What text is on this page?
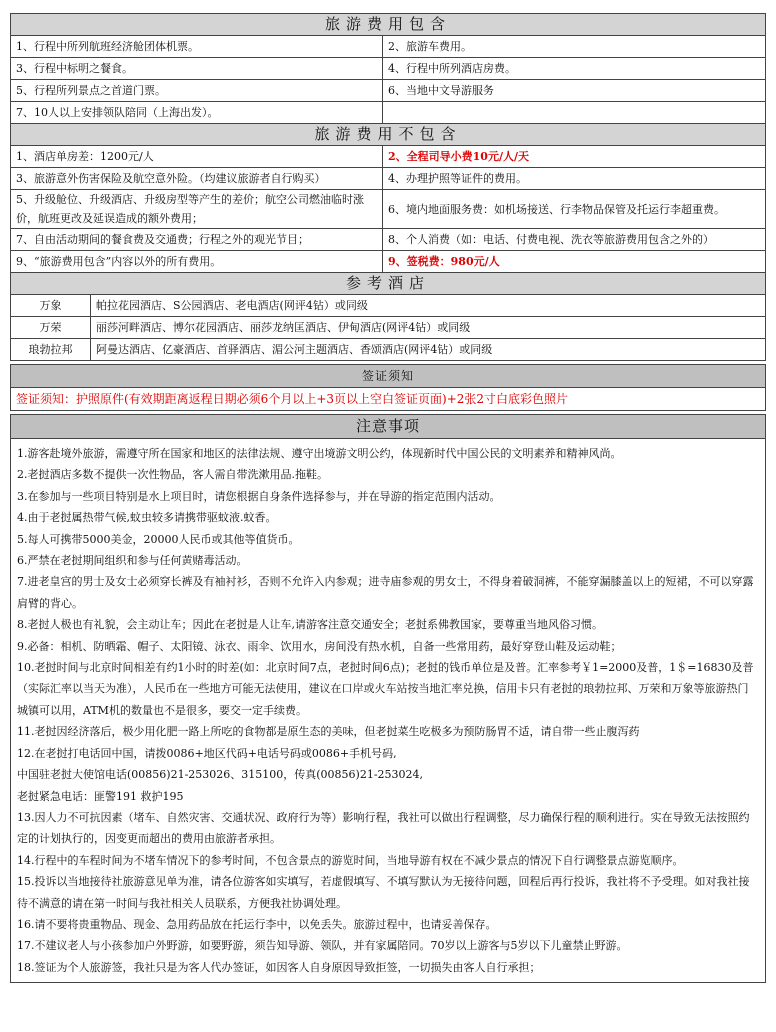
旅游费用包含	
1、行程中所列航班经济舱团体机票。	2、旅游车费用。
3、行程中标明之餐食。	4、行程中所列酒店房费。
5、行程所列景点之首道门票。	6、当地中文导游服务
7、10人以上安排领队陪同（上海出发）。	
旅游费用不包含	
1、酒店单房差：1200元/人	2、全程司导小费10元/人/天
3、旅游意外伤害保险及航空意外险。（均建议旅游者自行购买）	4、办理护照等证件的费用。
5、升级舱位、升级酒店、升级房型等产生的差价；航空公司燃油临时涨价，航班更改及延误造成的额外费用；	6、境内地面服务费：如机场接送、行李物品保管及托运行李超重费。
7、自由活动期间的餐食费及交通费；行程之外的观光节目；	8、个人消费（如：电话、付费电视、洗衣等旅游费用包含之外的）
9、“旅游费用包含”内容以外的所有费用。	9、签税费：980元/人
参考酒店	
万象	帕拉花园酒店、S公园酒店、老电酒店(网评4钻）或同级
万荣	丽莎河畔酒店、博尔花园酒店、丽莎龙纳匡酒店、伊甸酒店(网评4钻）或同级
琅勃拉邦	阿曼达酒店、亿豪酒店、首驿酒店、湄公河主题酒店、香颂酒店(网评4钻）或同级
签证须知
签证须知：护照原件(有效期距离返程日期必须6个月以上+3页以上空白签证页面)+2张2寸白底彩色照片
注意事项

1.游客赴境外旅游，需遵守所在国家和地区的法律法规、遵守出境游文明公约，体现新时代中国公民的文明素养和精神风尚。

2.老挝酒店多数不提供一次性物品，客人需自带洗漱用品.拖鞋。

3.在参加与一些项目特别是水上项目时，请您根据自身条件选择参与，并在导游的指定范围内活动。

4.由于老挝属热带气候,蚊虫较多请携带驱蚊液.蚊香。

5.每人可携带5000美金，20000人民币或其他等值货币。

6.严禁在老挝期间组织和参与任何黄赌毒活动。

7.进老皇宫的男士及女士必须穿长裤及有袖衬衫，否则不允许入内参观；进寺庙参观的男女士，不得身着破洞裤，不能穿漏膝盖以上的短裙，不可以穿露肩臂的背心。

8.老挝人极也有礼貌，会主动让车；因此在老挝是人让车,请游客注意交通安全；老挝系佛教国家，要尊重当地风俗习惯。

9.必备：相机、防晒霜、帽子、太阳镜、泳衣、雨伞、饮用水，房间没有热水机，自备一些常用药，最好穿登山鞋及运动鞋；

10.老挝时间与北京时间相差有约1小时的时差(如：北京时间7点，老挝时间6点)；老挝的钱币单位是及普。汇率参考￥1=2000及普，1＄=16830及普（实际汇率以当天为准），人民币在一些地方可能无法使用，建议在口岸或火车站按当地汇率兑换，信用卡只有老挝的琅勃拉邦、万荣和万象等旅游热门城镇可以用，ATM机的数量也不是很多，要交一定手续费。

11.老挝因经济落后，极少用化肥一路上所吃的食物都是原生态的美味，但老挝菜生吃极多为预防肠胃不适，请自带一些止腹泻药

12.在老挝打电话回中国，请拨0086+地区代码+电话号码或0086+手机号码,

中国驻老挝大使馆电话(00856)21-253026、315100，传真(00856)21-253024,

老挝紧急电话：匪警191 救护195

13.因人力不可抗因素（堵车、自然灾害、交通状况、政府行为等）影响行程，我社可以做出行程调整，尽力确保行程的顺利进行。实在导致无法按照约定的计划执行的，因变更而超出的费用由旅游者承担。

14.行程中的车程时间为不堵车情况下的参考时间，不包含景点的游览时间，当地导游有权在不减少景点的情况下自行调整景点游览顺序。

15.投诉以当地接待社旅游意见单为准，请各位游客如实填写，若虚假填写、不填写默认为无接待问题，回程后再行投诉，我社将不予受理。如对我社接待不满意的请在第一时间与我社相关人员联系，方便我社协调处理。

16.请不要将贵重物品、现金、急用药品放在托运行李中，以免丢失。旅游过程中，也请妥善保存。

17.不建议老人与小孩参加户外野游，如要野游，须告知导游、领队，并有家属陪同。70岁以上游客与5岁以下儿童禁止野游。

18.签证为个人旅游签，我社只是为客人代办签证，如因客人自身原因导致拒签，一切损失由客人自行承担；
